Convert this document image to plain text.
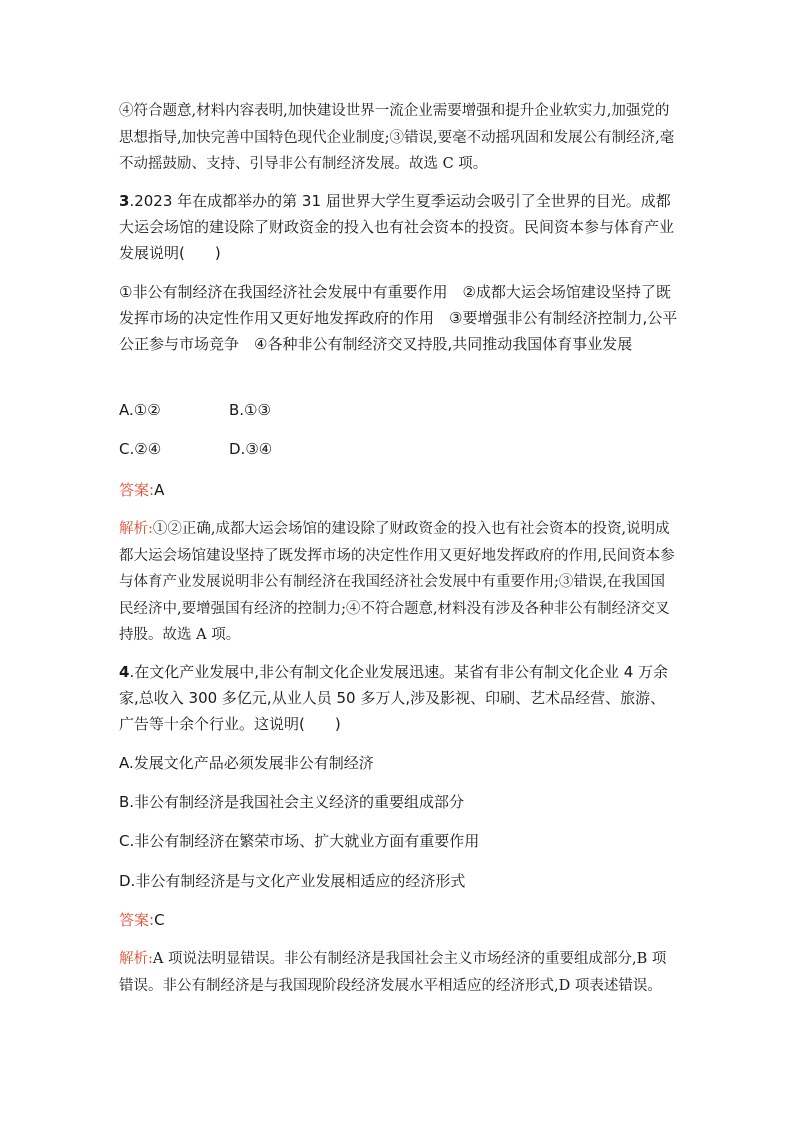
④符合题意,材料内容表明,加快建设世界一流企业需要增强和提升企业软实力,加强党的思想指导,加快完善中国特色现代企业制度;③错误,要毫不动摇巩固和发展公有制经济,毫不动摇鼓励、支持、引导非公有制经济发展。故选 C 项。
3.2023 年在成都举办的第 31 届世界大学生夏季运动会吸引了全世界的目光。成都大运会场馆的建设除了财政资金的投入也有社会资本的投资。民间资本参与体育产业发展说明(　　)
①非公有制经济在我国经济社会发展中有重要作用　②成都大运会场馆建设坚持了既发挥市场的决定性作用又更好地发挥政府的作用　③要增强非公有制经济控制力,公平公正参与市场竞争　④各种非公有制经济交叉持股,共同推动我国体育事业发展
A.①②	B.①③
C.②④	D.③④
答案:A
解析:①②正确,成都大运会场馆的建设除了财政资金的投入也有社会资本的投资,说明成都大运会场馆建设坚持了既发挥市场的决定性作用又更好地发挥政府的作用,民间资本参与体育产业发展说明非公有制经济在我国经济社会发展中有重要作用;③错误,在我国国民经济中,要增强国有经济的控制力;④不符合题意,材料没有涉及各种非公有制经济交叉持股。故选 A 项。
4.在文化产业发展中,非公有制文化企业发展迅速。某省有非公有制文化企业 4 万余家,总收入 300 多亿元,从业人员 50 多万人,涉及影视、印刷、艺术品经营、旅游、广告等十余个行业。这说明(　　)
A.发展文化产品必须发展非公有制经济
B.非公有制经济是我国社会主义经济的重要组成部分
C.非公有制经济在繁荣市场、扩大就业方面有重要作用
D.非公有制经济是与文化产业发展相适应的经济形式
答案:C
解析:A 项说法明显错误。非公有制经济是我国社会主义市场经济的重要组成部分,B 项错误。非公有制经济是与我国现阶段经济发展水平相适应的经济形式,D 项表述错误。
